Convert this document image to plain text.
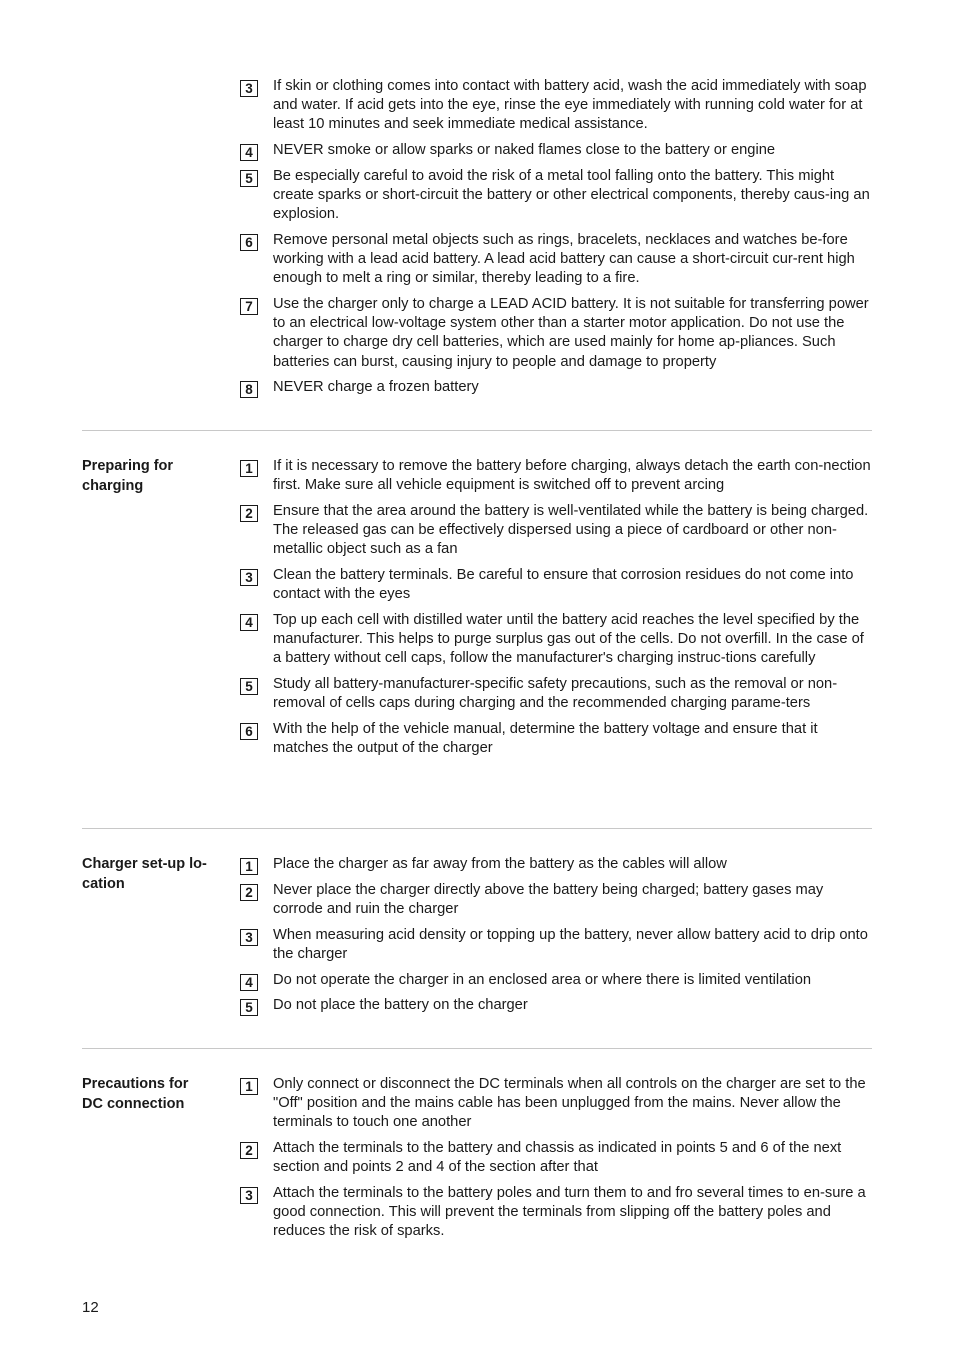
3	If skin or clothing comes into contact with battery acid, wash the acid immediately with soap and water. If acid gets into the eye, rinse the eye immediately with running cold water for at least 10 minutes and seek immediate medical assistance.
4	NEVER smoke or allow sparks or naked flames close to the battery or engine
5	Be especially careful to avoid the risk of a metal tool falling onto the battery. This might create sparks or short-circuit the battery or other electrical components, thereby caus-ing an explosion.
6	Remove personal metal objects such as rings, bracelets, necklaces and watches be-fore working with a lead acid battery. A lead acid battery can cause a short-circuit cur-rent high enough to melt a ring or similar, thereby leading to a fire.
7	Use the charger only to charge a LEAD ACID battery. It is not suitable for transferring power to an electrical low-voltage system other than a starter motor application. Do not use the charger to charge dry cell batteries, which are used mainly for home ap-pliances. Such batteries can burst, causing injury to people and damage to property
8	NEVER charge a frozen battery
Preparing for
charging
1	If it is necessary to remove the battery before charging, always detach the earth con-nection first. Make sure all vehicle equipment is switched off to prevent arcing
2	Ensure that the area around the battery is well-ventilated while the battery is being charged. The released gas can be effectively dispersed using a piece of cardboard or other non-metallic object such as a fan
3	Clean the battery terminals. Be careful to ensure that corrosion residues do not come into contact with the eyes
4	Top up each cell with distilled water until the battery acid reaches the level specified by the manufacturer. This helps to purge surplus gas out of the cells. Do not overfill. In the case of a battery without cell caps, follow the manufacturer's charging instruc-tions carefully
5	Study all battery-manufacturer-specific safety precautions, such as the removal or non-removal of cells caps during charging and the recommended charging parame-ters
6	With the help of the vehicle manual, determine the battery voltage and ensure that it matches the output of the charger
Charger set-up lo-
cation
1	Place the charger as far away from the battery as the cables will allow
2	Never place the charger directly above the battery being charged; battery gases may corrode and ruin the charger
3	When measuring acid density or topping up the battery, never allow battery acid to drip onto the charger
4	Do not operate the charger in an enclosed area or where there is limited ventilation
5	Do not place the battery on the charger
Precautions for
DC connection
1	Only connect or disconnect the DC terminals when all controls on the charger are set to the "Off" position and the mains cable has been unplugged from the mains. Never allow the terminals to touch one another
2	Attach the terminals to the battery and chassis as indicated in points 5 and 6 of the next section and points 2 and 4 of the section after that
3	Attach the terminals to the battery poles and turn them to and fro several times to en-sure a good connection. This will prevent the terminals from slipping off the battery poles and reduces the risk of sparks.
12
